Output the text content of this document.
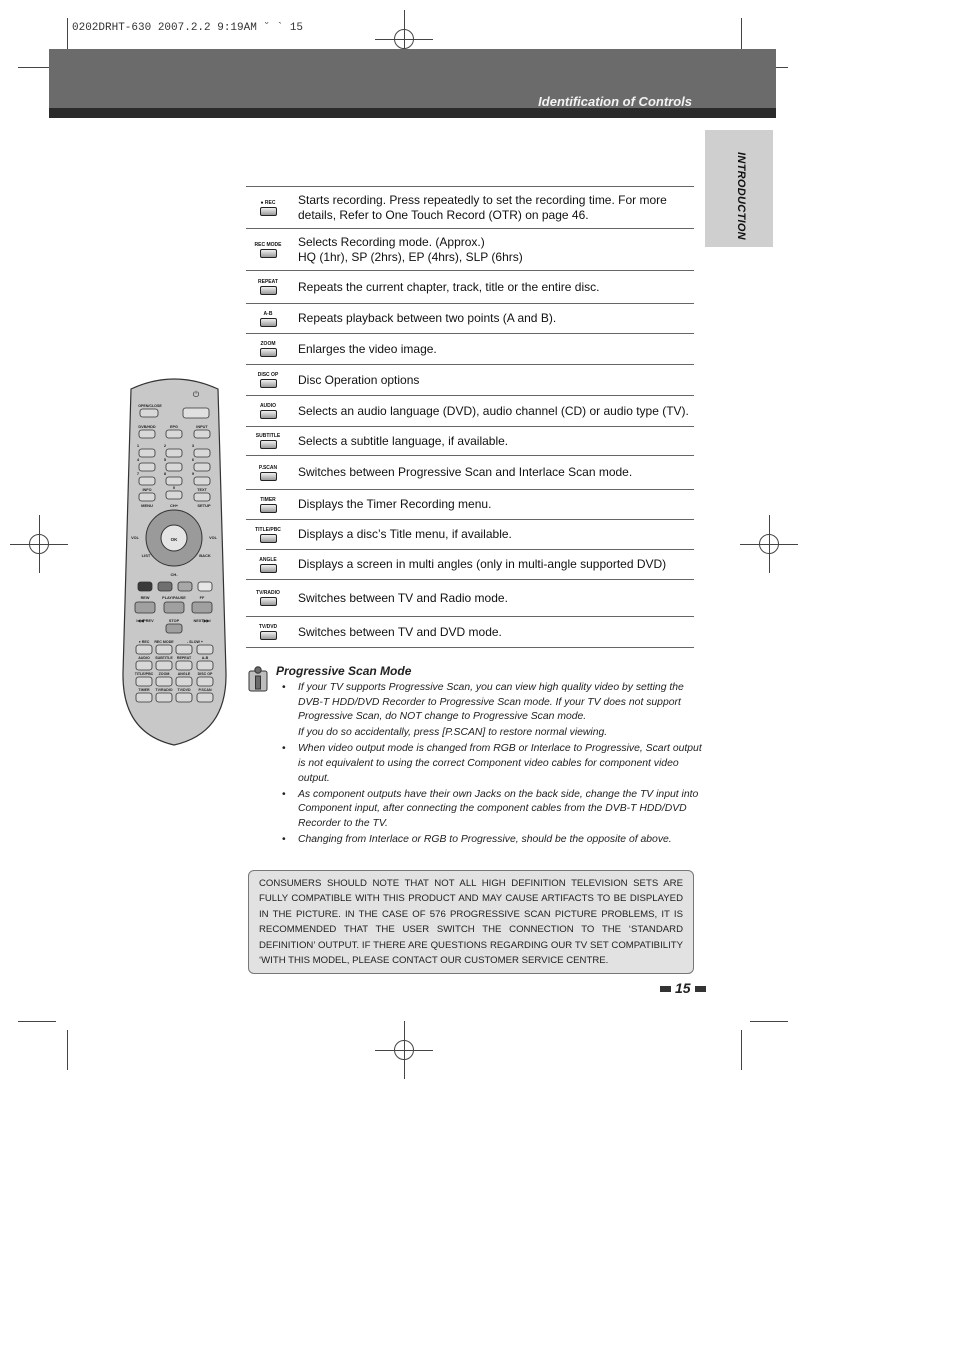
0202DRHT-630 2007.2.2 9:19AM ˘ ` 15
Identification of Controls
INTRODUCTION
OPEN/CLOSE
⏻
DVB/HDD	EPG	INPUT
1	2	3
4	5	6
7	8	9
INFO	0	TEXT
MENU	CH+	SETUP
OK
VOL	VOL
LIST	BACK
CH-
REW	PLAY/PAUSE	FF
I◀◀PREV	STOP	NEXT▶▶I
● REC REC MODE	- SLOW +
AUDIO SUBTITLE REPEAT	A-B
TITLE/PBC ZOOM ANGLE DISC OP
TIMER TV/RADIO TV/DVD P.SCAN
● REC	Starts recording. Press repeatedly to set the recording time. For more details, Refer to One Touch Record (OTR) on page 46.
REC MODE	Selects Recording mode. (Approx.)
HQ (1hr), SP (2hrs), EP (4hrs), SLP (6hrs)
REPEAT	Repeats the current chapter, track, title or the entire disc.
A-B	Repeats playback between two points (A and B).
ZOOM	Enlarges the video image.
DISC OP	Disc Operation options
AUDIO	Selects an audio language (DVD), audio channel (CD) or audio type (TV).
SUBTITLE	Selects a subtitle language, if available.
P.SCAN	Switches between Progressive Scan and Interlace Scan mode.
TIMER	Displays the Timer Recording menu.
TITLE/PBC	Displays a disc’s Title menu, if available.
ANGLE	Displays a screen in multi angles (only in multi-angle supported DVD)
TV/RADIO	Switches between TV and Radio mode.
TV/DVD	Switches between TV and DVD mode.
Progressive Scan Mode
• If your TV supports Progressive Scan, you can view high quality video by setting the DVB-T HDD/DVD Recorder to Progressive Scan mode. If your TV does not support Progressive Scan, do NOT change to Progressive Scan mode.
If you do so accidentally, press [P.SCAN] to restore normal viewing.
• When video output mode is changed from RGB or Interlace to Progressive, Scart output is not equivalent to using the correct Component video cables for component video output.
• As component outputs have their own Jacks on the back side, change the TV input into Component input, after connecting the component cables from the DVB-T HDD/DVD Recorder to the TV.
• Changing from Interlace or RGB to Progressive, should be the opposite of above.
CONSUMERS SHOULD NOTE THAT NOT ALL HIGH DEFINITION TELEVISION SETS ARE FULLY COMPATIBLE WITH THIS PRODUCT AND MAY CAUSE ARTIFACTS TO BE DISPLAYED IN THE PICTURE. IN THE CASE OF 576 PROGRESSIVE SCAN PICTURE PROBLEMS, IT IS RECOMMENDED THAT THE USER SWITCH THE CONNECTION TO THE ‘STANDARD DEFINITION’ OUTPUT. IF THERE ARE QUESTIONS REGARDING OUR TV SET COMPATIBILITY ‘WITH THIS MODEL, PLEASE CONTACT OUR CUSTOMER SERVICE CENTRE.
15
